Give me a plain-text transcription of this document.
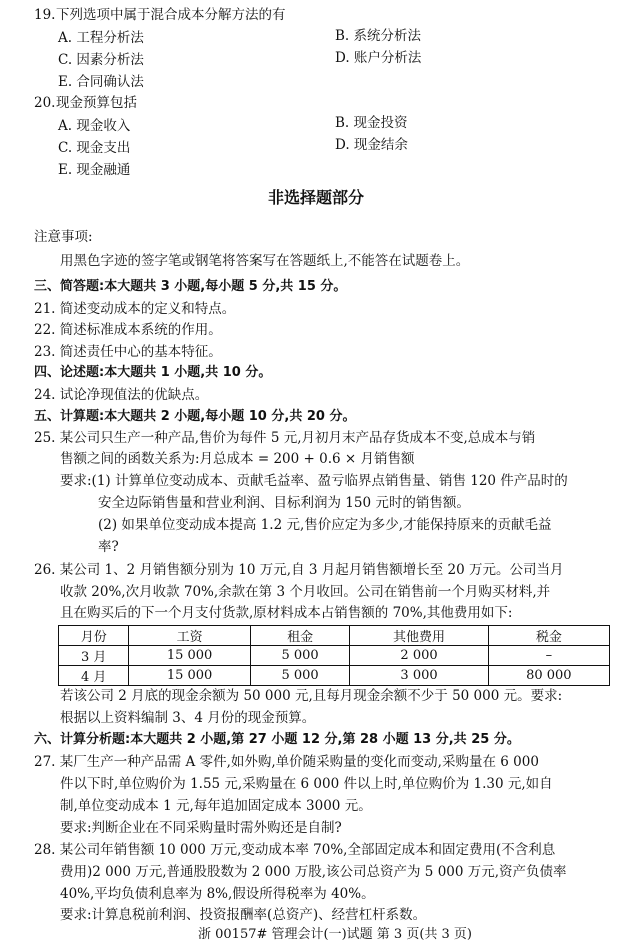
19. 下列选项中属于混合成本分解方法的有
A. 工程分析法	B. 系统分析法
C. 因素分析法	D. 账户分析法
E. 合同确认法
20. 现金预算包括
A. 现金收入	B. 现金投资
C. 现金支出	D. 现金结余
E. 现金融通
非选择题部分
注意事项:
用黑色字迹的签字笔或钢笔将答案写在答题纸上,不能答在试题卷上。
三、简答题:本大题共 3 小题,每小题 5 分,共 15 分。
21. 简述变动成本的定义和特点。
22. 简述标准成本系统的作用。
23. 简述责任中心的基本特征。
四、论述题:本大题共 1 小题,共 10 分。
24. 试论净现值法的优缺点。
五、计算题:本大题共 2 小题,每小题 10 分,共 20 分。
25. 某公司只生产一种产品,售价为每件 5 元,月初月末产品存货成本不变,总成本与销
售额之间的函数关系为:月总成本 = 200 + 0.6 × 月销售额
要求:(1) 计算单位变动成本、贡献毛益率、盈亏临界点销售量、销售 120 件产品时的
安全边际销售量和营业利润、目标利润为 150 元时的销售额。
(2) 如果单位变动成本提高 1.2 元,售价应定为多少,才能保持原来的贡献毛益
率?
26. 某公司 1、2 月销售额分别为 10 万元,自 3 月起月销售额增长至 20 万元。公司当月
收款 20%,次月收款 70%,余款在第 3 个月收回。公司在销售前一个月购买材料,并
且在购买后的下一个月支付货款,原材料成本占销售额的 70%,其他费用如下:
月份	工资	租金	其他费用	税金
3 月	15 000	5 000	2 000	–
4 月	15 000	5 000	3 000	80 000
若该公司 2 月底的现金余额为 50 000 元,且每月现金余额不少于 50 000 元。要求:
根据以上资料编制 3、4 月份的现金预算。
六、计算分析题:本大题共 2 小题,第 27 小题 12 分,第 28 小题 13 分,共 25 分。
27. 某厂生产一种产品需 A 零件,如外购,单价随采购量的变化而变动,采购量在 6 000
件以下时,单位购价为 1.55 元,采购量在 6 000 件以上时,单位购价为 1.30 元,如自
制,单位变动成本 1 元,每年追加固定成本 3000 元。
要求:判断企业在不同采购量时需外购还是自制?
28. 某公司年销售额 10 000 万元,变动成本率 70%,全部固定成本和固定费用(不含利息
费用)2 000 万元,普通股股数为 2 000 万股,该公司总资产为 5 000 万元,资产负债率
40%,平均负债利息率为 8%,假设所得税率为 40%。
要求:计算息税前利润、投资报酬率(总资产)、经营杠杆系数。
浙 00157# 管理会计(一)试题 第 3 页(共 3 页)
